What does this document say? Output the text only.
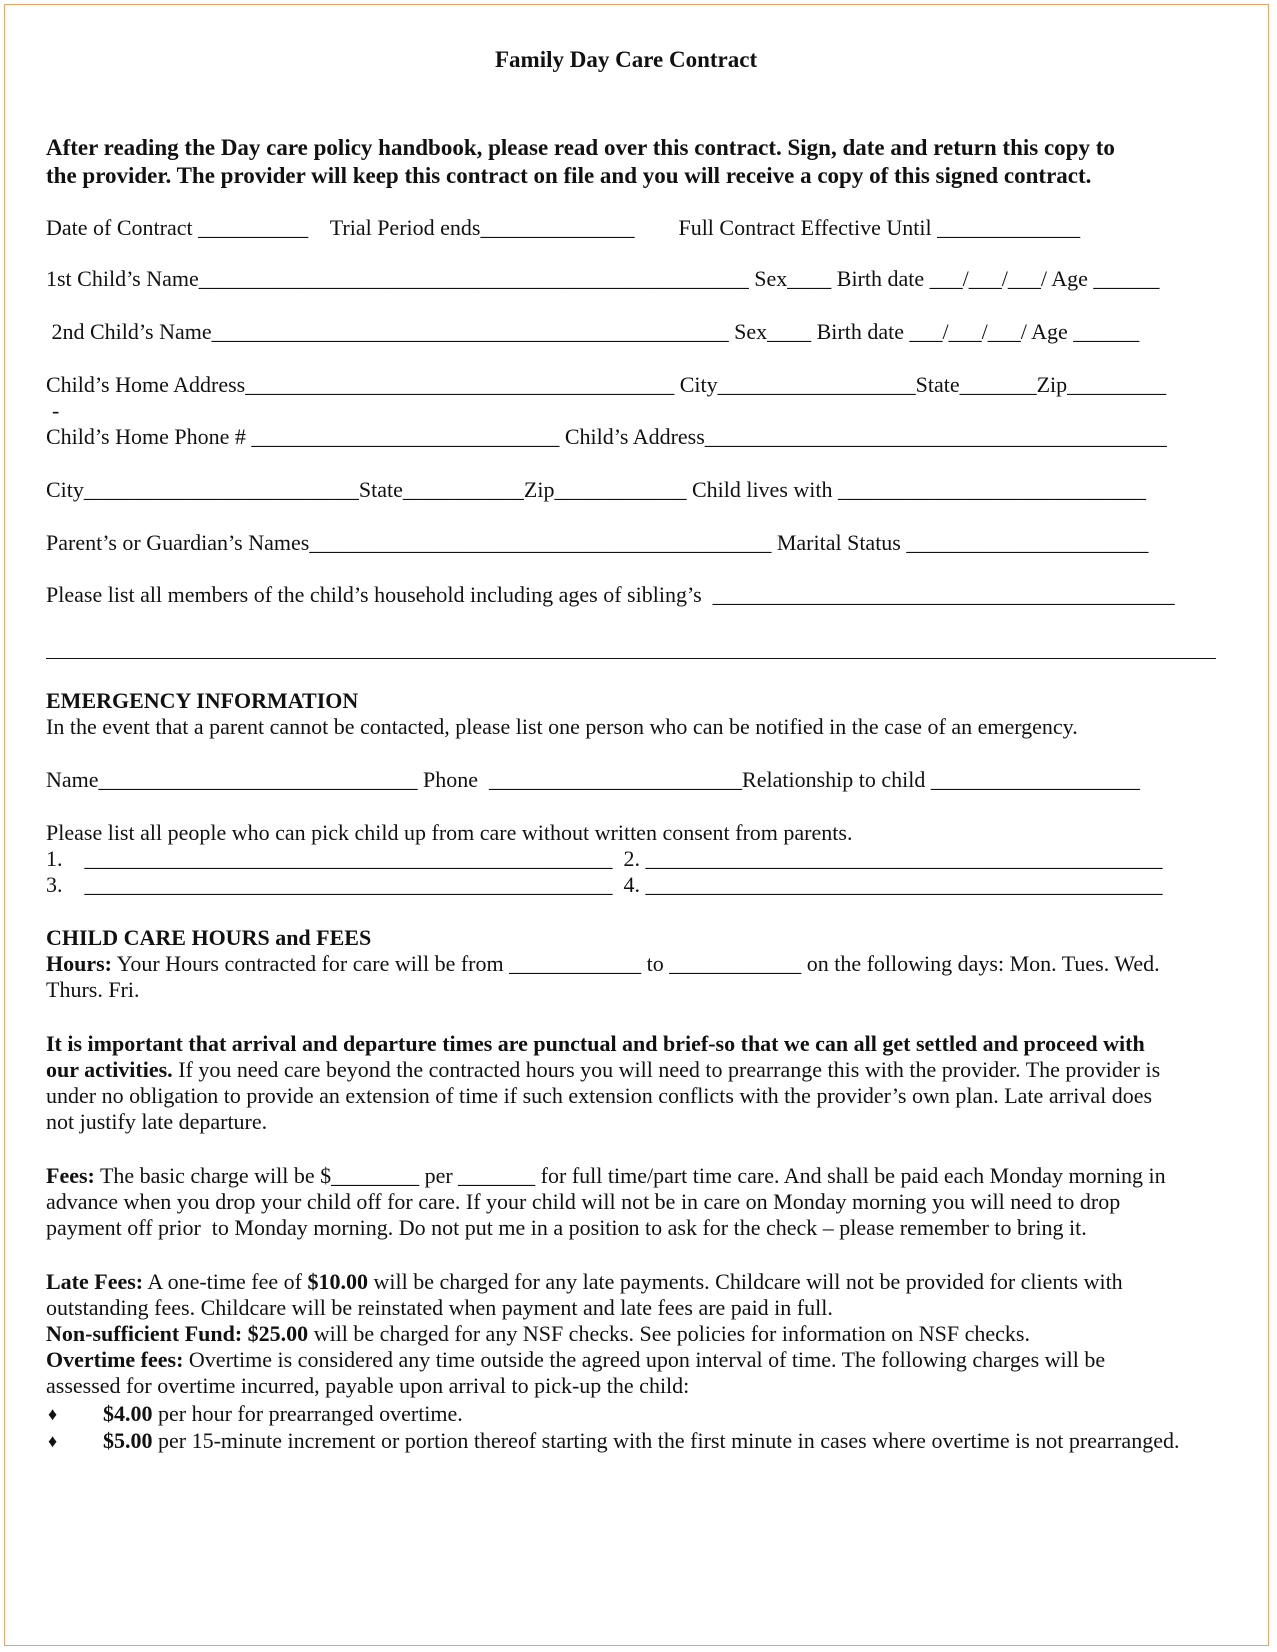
Family Day Care Contract
After reading the Day care policy handbook, please read over this contract. Sign, date and return this copy to
the provider. The provider will keep this contract on file and you will receive a copy of this signed contract.
Date of Contract __________    Trial Period ends______________        Full Contract Effective Until _____________
1st Child’s Name__________________________________________________ Sex____ Birth date ___/___/___/ Age ______
2nd Child’s Name_______________________________________________ Sex____ Birth date ___/___/___/ Age ______
Child’s Home Address_______________________________________ City__________________State_______Zip_________
-
Child’s Home Phone # ____________________________ Child’s Address__________________________________________
City_________________________State___________Zip____________ Child lives with ____________________________
Parent’s or Guardian’s Names__________________________________________ Marital Status ______________________
Please list all members of the child’s household including ages of sibling’s  __________________________________________
EMERGENCY INFORMATION
In the event that a parent cannot be contacted, please list one person who can be notified in the case of an emergency.
Name_____________________________ Phone  _______________________Relationship to child ___________________
Please list all people who can pick child up from care without written consent from parents.
1.    ________________________________________________  2. _______________________________________________
3.    ________________________________________________  4. _______________________________________________
CHILD CARE HOURS and FEES
Hours: Your Hours contracted for care will be from ____________ to ____________ on the following days: Mon. Tues. Wed.
Thurs. Fri.
It is important that arrival and departure times are punctual and brief-so that we can all get settled and proceed with
our activities. If you need care beyond the contracted hours you will need to prearrange this with the provider. The provider is
under no obligation to provide an extension of time if such extension conflicts with the provider’s own plan. Late arrival does
not justify late departure.
Fees: The basic charge will be $________ per _______ for full time/part time care. And shall be paid each Monday morning in
advance when you drop your child off for care. If your child will not be in care on Monday morning you will need to drop
payment off prior  to Monday morning. Do not put me in a position to ask for the check – please remember to bring it.
Late Fees: A one-time fee of $10.00 will be charged for any late payments. Childcare will not be provided for clients with
outstanding fees. Childcare will be reinstated when payment and late fees are paid in full.
Non-sufficient Fund: $25.00 will be charged for any NSF checks. See policies for information on NSF checks.
Overtime fees: Overtime is considered any time outside the agreed upon interval of time. The following charges will be
assessed for overtime incurred, payable upon arrival to pick-up the child:
♦ $4.00 per hour for prearranged overtime.
♦ $5.00 per 15-minute increment or portion thereof starting with the first minute in cases where overtime is not prearranged.
